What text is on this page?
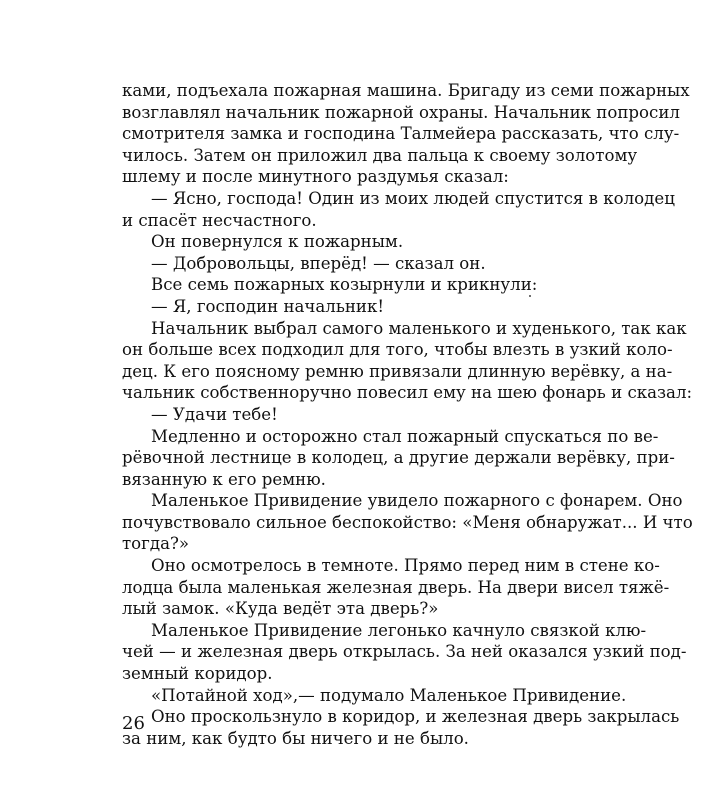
ками, подъехала пожарная машина. Бригаду из семи пожарных
возглавлял начальник пожарной охраны. Начальник попросил
смотрителя замка и господина Талмейера рассказать, что слу-
чилось. Затем он приложил два пальца к своему золотому
шлему и после минутного раздумья сказал:
— Ясно, господа! Один из моих людей спустится в колодец
и спасёт несчастного.
Он повернулся к пожарным.
— Добровольцы, вперёд! — сказал он.
Все семь пожарных козырнули и крикнули:
— Я, господин начальник!
Начальник выбрал самого маленького и худенького, так как
он больше всех подходил для того, чтобы влезть в узкий коло-
дец. К его поясному ремню привязали длинную верёвку, а на-
чальник собственноручно повесил ему на шею фонарь и сказал:
— Удачи тебе!
Медленно и осторожно стал пожарный спускаться по ве-
рёвочной лестнице в колодец, а другие держали верёвку, при-
вязанную к его ремню.
Маленькое Привидение увидело пожарного с фонарем. Оно
почувствовало сильное беспокойство: «Меня обнаружат... И что
тогда?»
Оно осмотрелось в темноте. Прямо перед ним в стене ко-
лодца была маленькая железная дверь. На двери висел тяжё-
лый замок. «Куда ведёт эта дверь?»
Маленькое Привидение легонько качнуло связкой клю-
чей — и железная дверь открылась. За ней оказался узкий под-
земный коридор.
«Потайной ход»,— подумало Маленькое Привидение.
Оно проскользнуло в коридор, и железная дверь закрылась
за ним, как будто бы ничего и не было.
26
